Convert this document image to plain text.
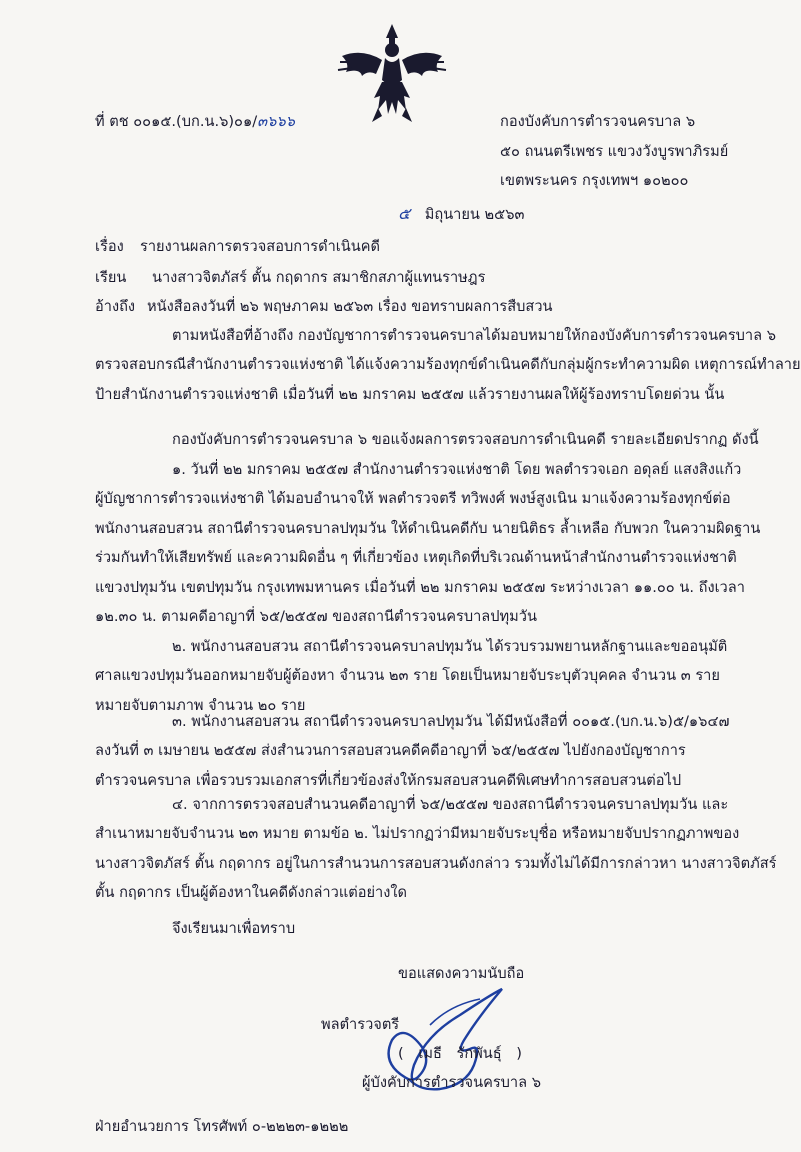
ที่ ตช ๐๐๑๕.(บก.น.๖)๐๑/๓๖๖๖	กองบังคับการตำรวจนครบาล ๖
๕๐ ถนนตรีเพชร แขวงวังบูรพาภิรมย์
เขตพระนคร กรุงเทพฯ ๑๐๒๐๐
๕ มิถุนายน ๒๕๖๓
เรื่อง รายงานผลการตรวจสอบการดำเนินคดี
เรียน นางสาวจิตภัสร์ ตั้น กฤดากร สมาชิกสภาผู้แทนราษฎร
อ้างถึง หนังสือลงวันที่ ๒๖ พฤษภาคม ๒๕๖๓ เรื่อง ขอทราบผลการสืบสวน
ตามหนังสือที่อ้างถึง กองบัญชาการตำรวจนครบาลได้มอบหมายให้กองบังคับการตำรวจนครบาล ๖
ตรวจสอบกรณีสำนักงานตำรวจแห่งชาติ ได้แจ้งความร้องทุกข์ดำเนินคดีกับกลุ่มผู้กระทำความผิด เหตุการณ์ทำลาย
ป้ายสำนักงานตำรวจแห่งชาติ เมื่อวันที่ ๒๒ มกราคม ๒๕๕๗ แล้วรายงานผลให้ผู้ร้องทราบโดยด่วน นั้น
กองบังคับการตำรวจนครบาล ๖ ขอแจ้งผลการตรวจสอบการดำเนินคดี รายละเอียดปรากฏ ดังนี้
๑. วันที่ ๒๒ มกราคม ๒๕๕๗ สำนักงานตำรวจแห่งชาติ โดย พลตำรวจเอก อดุลย์ แสงสิงแก้ว
ผู้บัญชาการตำรวจแห่งชาติ ได้มอบอำนาจให้ พลตำรวจตรี ทวิพงศ์ พงษ์สูงเนิน มาแจ้งความร้องทุกข์ต่อ
พนักงานสอบสวน สถานีตำรวจนครบาลปทุมวัน ให้ดำเนินคดีกับ นายนิติธร ล้ำเหลือ กับพวก ในความผิดฐาน
ร่วมกันทำให้เสียทรัพย์ และความผิดอื่น ๆ ที่เกี่ยวข้อง เหตุเกิดที่บริเวณด้านหน้าสำนักงานตำรวจแห่งชาติ
แขวงปทุมวัน เขตปทุมวัน กรุงเทพมหานคร เมื่อวันที่ ๒๒ มกราคม ๒๕๕๗ ระหว่างเวลา ๑๑.๐๐ น. ถึงเวลา
๑๒.๓๐ น. ตามคดีอาญาที่ ๖๕/๒๕๕๗ ของสถานีตำรวจนครบาลปทุมวัน
๒. พนักงานสอบสวน สถานีตำรวจนครบาลปทุมวัน ได้รวบรวมพยานหลักฐานและขออนุมัติ
ศาลแขวงปทุมวันออกหมายจับผู้ต้องหา จำนวน ๒๓ ราย โดยเป็นหมายจับระบุตัวบุคคล จำนวน ๓ ราย
หมายจับตามภาพ จำนวน ๒๐ ราย
๓. พนักงานสอบสวน สถานีตำรวจนครบาลปทุมวัน ได้มีหนังสือที่ ๐๐๑๕.(บก.น.๖)๕/๑๖๔๗
ลงวันที่ ๓ เมษายน ๒๕๕๗ ส่งสำนวนการสอบสวนคดีคดีอาญาที่ ๖๕/๒๕๕๗ ไปยังกองบัญชาการ
ตำรวจนครบาล เพื่อรวบรวมเอกสารที่เกี่ยวข้องส่งให้กรมสอบสวนคดีพิเศษทำการสอบสวนต่อไป
๔. จากการตรวจสอบสำนวนคดีอาญาที่ ๖๕/๒๕๕๗ ของสถานีตำรวจนครบาลปทุมวัน และ
สำเนาหมายจับจำนวน ๒๓ หมาย ตามข้อ ๒. ไม่ปรากฏว่ามีหมายจับระบุชื่อ หรือหมายจับปรากฏภาพของ
นางสาวจิตภัสร์ ตั้น กฤดากร อยู่ในการสำนวนการสอบสวนดังกล่าว รวมทั้งไม่ได้มีการกล่าวหา นางสาวจิตภัสร์
ตั้น กฤดากร เป็นผู้ต้องหาในคดีดังกล่าวแต่อย่างใด
จึงเรียนมาเพื่อทราบ
ขอแสดงความนับถือ
พลตำรวจตรี
( เมธี รักพันธุ์ )
ผู้บังคับการตำรวจนครบาล ๖
ฝ่ายอำนวยการ โทรศัพท์ ๐-๒๒๒๓-๑๒๒๒
